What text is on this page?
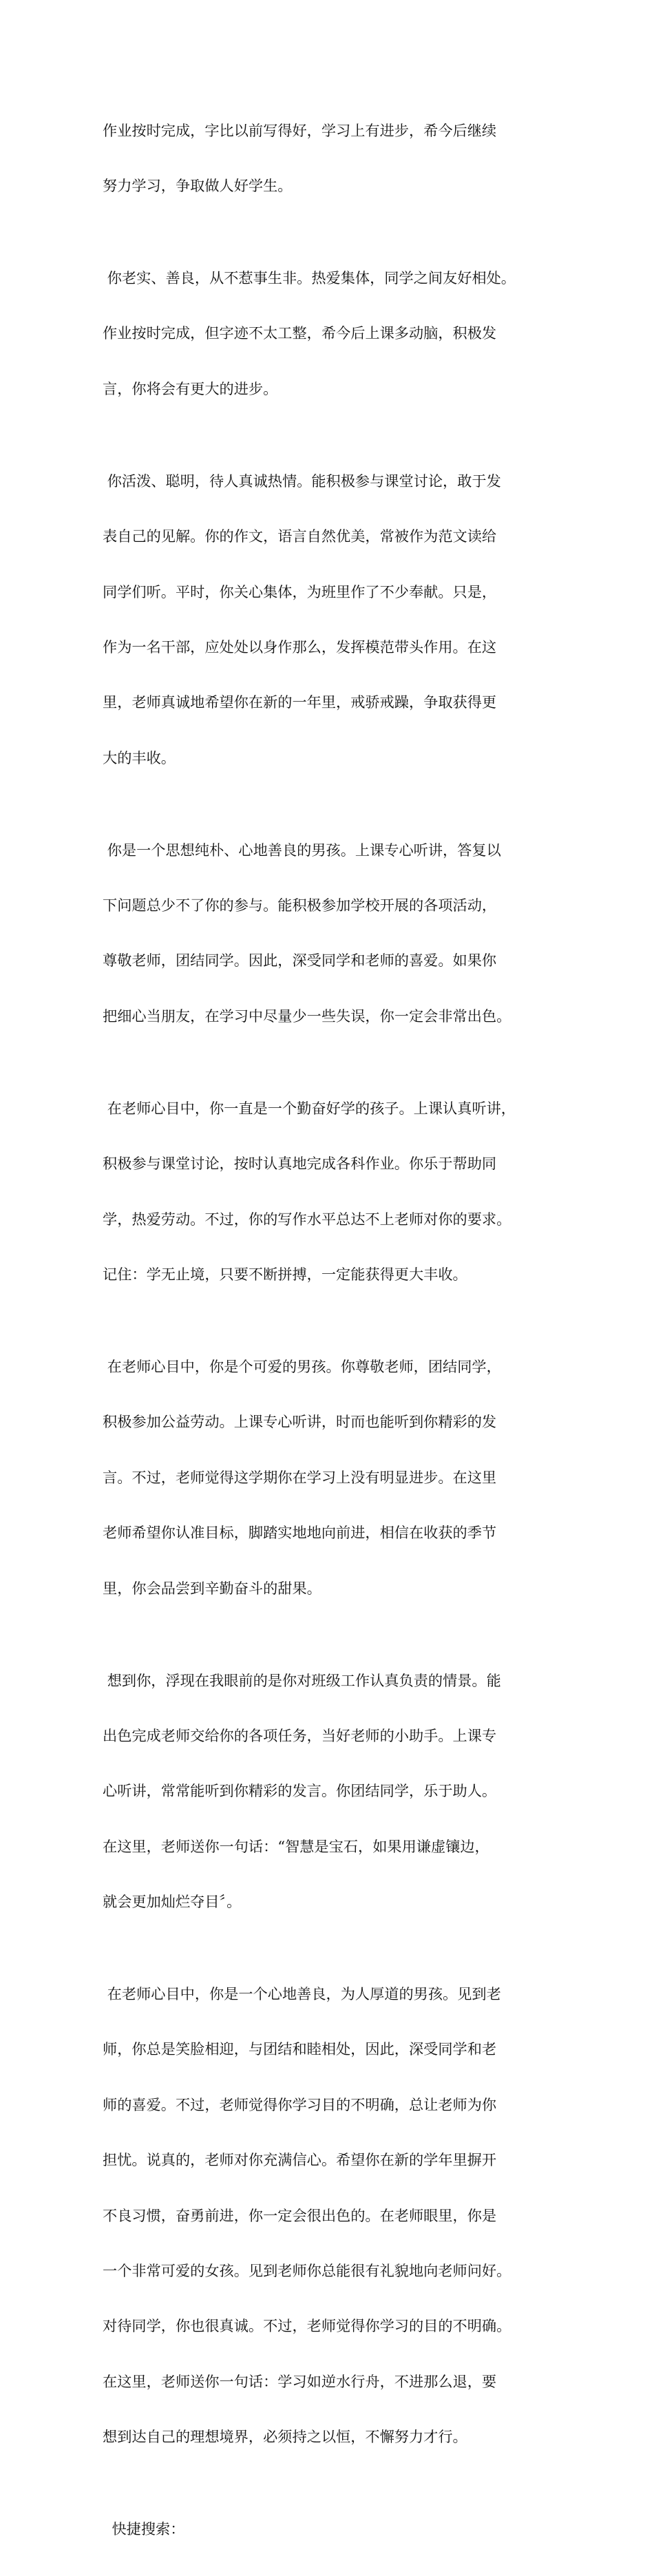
作业按时完成，字比以前写得好，学习上有进步，希今后继续

努力学习，争取做人好学生。

你老实、善良，从不惹事生非。热爱集体，同学之间友好相处。

作业按时完成，但字迹不太工整，希今后上课多动脑，积极发

言，你将会有更大的进步。

你活泼、聪明，待人真诚热情。能积极参与课堂讨论，敢于发

表自己的见解。你的作文，语言自然优美，常被作为范文读给

同学们听。平时，你关心集体，为班里作了不少奉献。只是，

作为一名干部，应处处以身作那么，发挥模范带头作用。在这

里，老师真诚地希望你在新的一年里，戒骄戒躁，争取获得更

大的丰收。

你是一个思想纯朴、心地善良的男孩。上课专心听讲，答复以

下问题总少不了你的参与。能积极参加学校开展的各项活动，

尊敬老师，团结同学。因此，深受同学和老师的喜爱。如果你

把细心当朋友，在学习中尽量少一些失误，你一定会非常出色。

在老师心目中，你一直是一个勤奋好学的孩子。上课认真听讲，

积极参与课堂讨论，按时认真地完成各科作业。你乐于帮助同

学，热爱劳动。不过，你的写作水平总达不上老师对你的要求。

记住：学无止境，只要不断拼搏，一定能获得更大丰收。

在老师心目中，你是个可爱的男孩。你尊敬老师，团结同学，

积极参加公益劳动。上课专心听讲，时而也能听到你精彩的发

言。不过，老师觉得这学期你在学习上没有明显进步。在这里

老师希望你认准目标，脚踏实地地向前进，相信在收获的季节

里，你会品尝到辛勤奋斗的甜果。

想到你，浮现在我眼前的是你对班级工作认真负责的情景。能

出色完成老师交给你的各项任务，当好老师的小助手。上课专

心听讲，常常能听到你精彩的发言。你团结同学，乐于助人。

在这里，老师送你一句话：“智慧是宝石，如果用谦虚镶边，

就会更加灿烂夺目〞。

在老师心目中，你是一个心地善良，为人厚道的男孩。见到老

师，你总是笑脸相迎，与团结和睦相处，因此，深受同学和老

师的喜爱。不过，老师觉得你学习目的不明确，总让老师为你

担忧。说真的，老师对你充满信心。希望你在新的学年里摒开

不良习惯，奋勇前进，你一定会很出色的。在老师眼里，你是

一个非常可爱的女孩。见到老师你总能很有礼貌地向老师问好。

对待同学，你也很真诚。不过，老师觉得你学习的目的不明确。

在这里，老师送你一句话：学习如逆水行舟，不进那么退，要

想到达自己的理想境界，必须持之以恒，不懈努力才行。

快捷搜索：
